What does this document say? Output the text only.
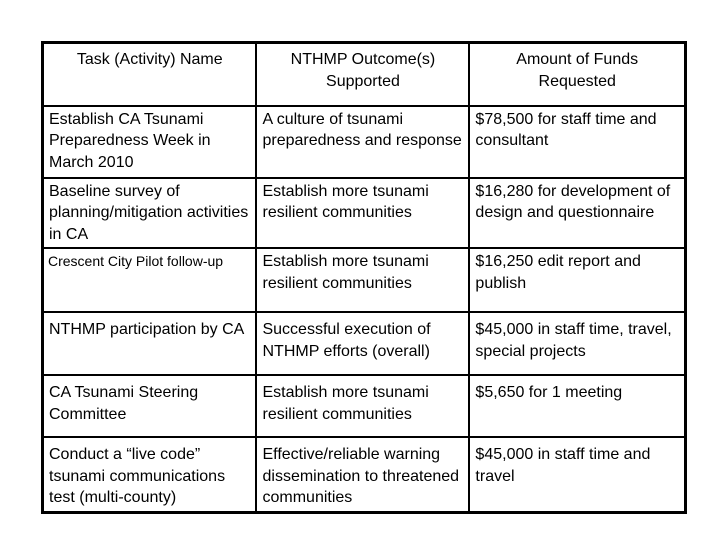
Task (Activity) Name	NTHMP Outcome(s) Supported	Amount of Funds Requested
Establish CA Tsunami Preparedness Week in March 2010	A culture of tsunami preparedness and response	$78,500 for staff time and consultant
Baseline survey of planning/mitigation activities in CA	Establish more tsunami resilient communities	$16,280 for development of design and questionnaire
Crescent City Pilot follow-up	Establish more tsunami resilient communities	$16,250 edit report and publish
NTHMP participation by CA	Successful execution of NTHMP efforts (overall)	$45,000 in staff time, travel, special projects
CA Tsunami Steering Committee	Establish more tsunami resilient communities	$5,650 for 1 meeting
Conduct a “live code” tsunami communications test (multi-county)	Effective/reliable warning dissemination to threatened communities	$45,000 in staff time and travel
